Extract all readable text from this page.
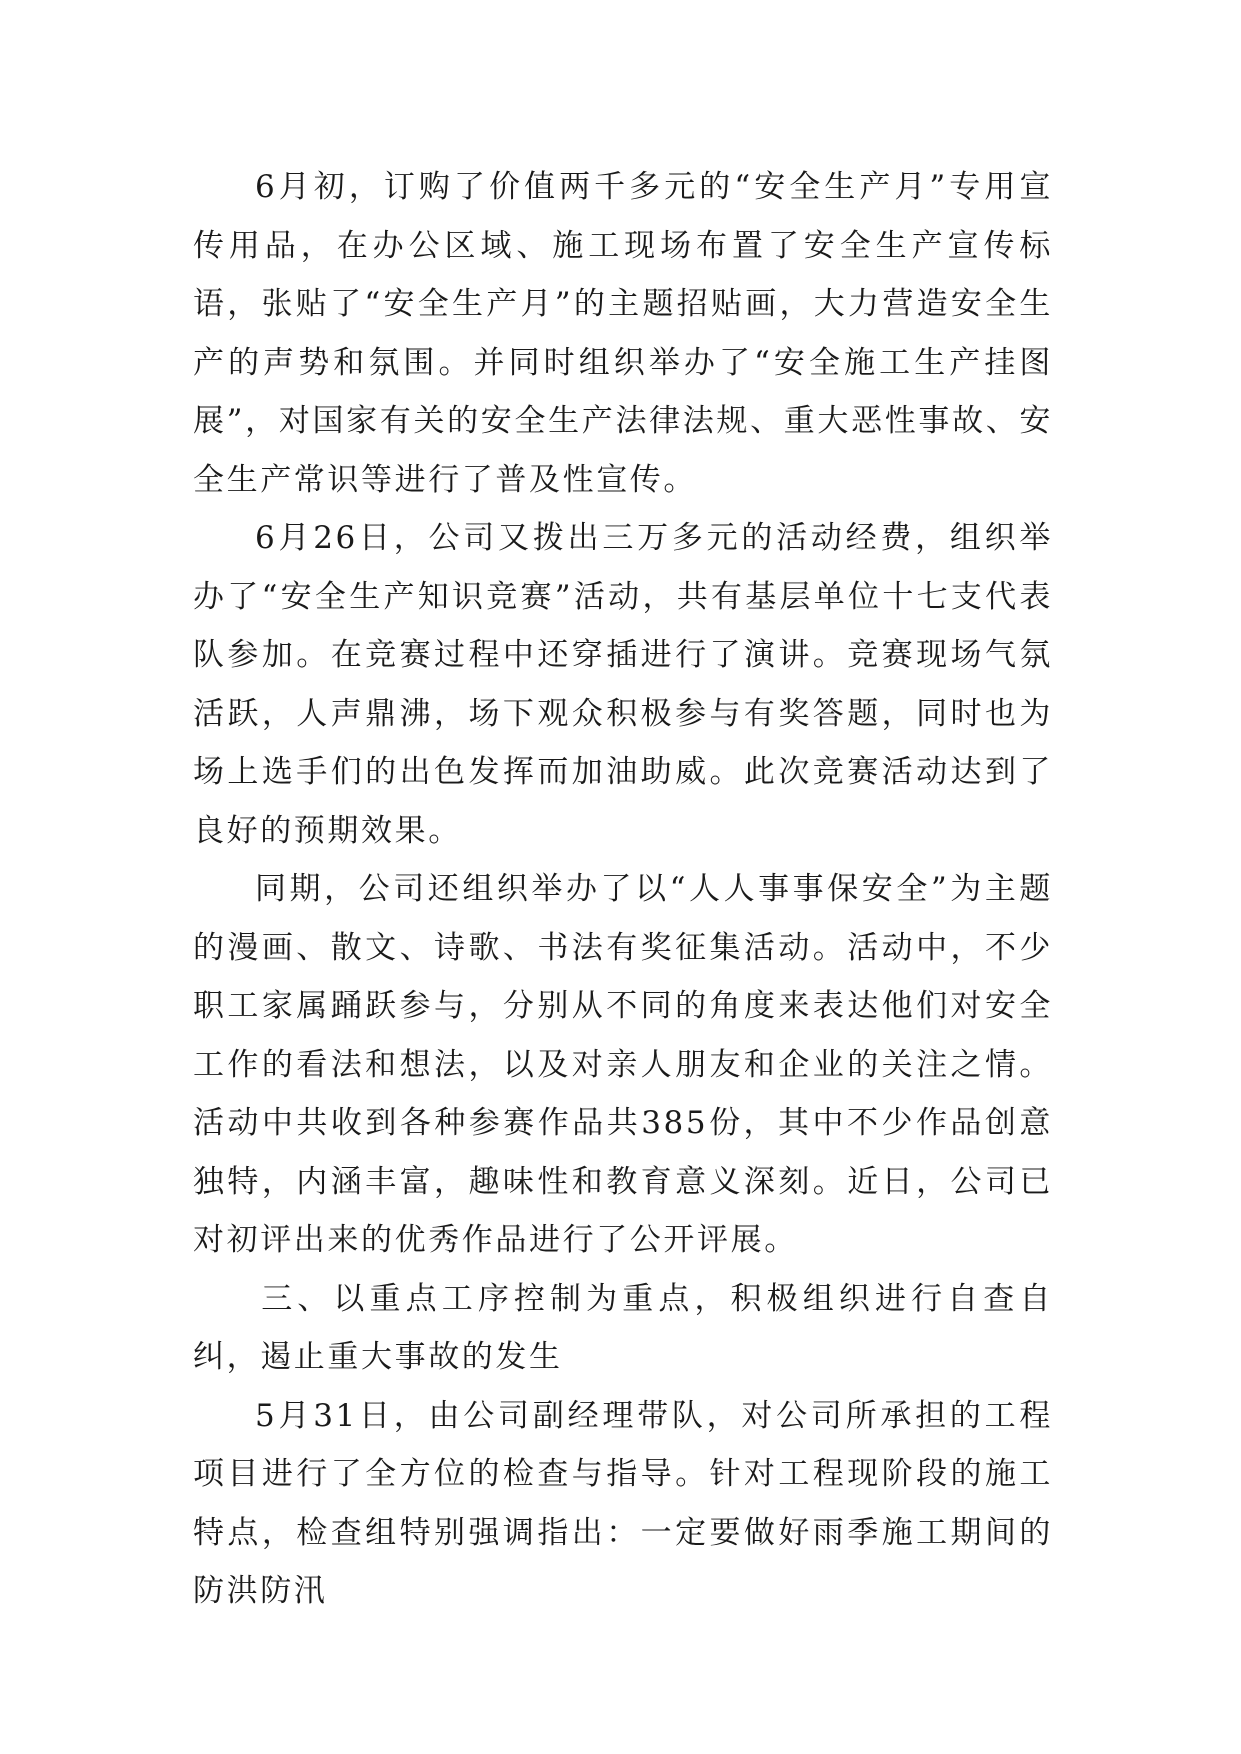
6月初，订购了价值两千多元的“安全生产月”专用宣传用品，在办公区域、施工现场布置了安全生产宣传标语，张贴了“安全生产月”的主题招贴画，大力营造安全生产的声势和氛围。并同时组织举办了“安全施工生产挂图展”，对国家有关的安全生产法律法规、重大恶性事故、安全生产常识等进行了普及性宣传。

6月26日，公司又拨出三万多元的活动经费，组织举办了“安全生产知识竞赛”活动，共有基层单位十七支代表队参加。在竞赛过程中还穿插进行了演讲。竞赛现场气氛活跃，人声鼎沸，场下观众积极参与有奖答题，同时也为场上选手们的出色发挥而加油助威。此次竞赛活动达到了良好的预期效果。

同期，公司还组织举办了以“人人事事保安全”为主题的漫画、散文、诗歌、书法有奖征集活动。活动中，不少职工家属踊跃参与，分别从不同的角度来表达他们对安全工作的看法和想法，以及对亲人朋友和企业的关注之情。活动中共收到各种参赛作品共385份，其中不少作品创意独特，内涵丰富，趣味性和教育意义深刻。近日，公司已对初评出来的优秀作品进行了公开评展。

三、以重点工序控制为重点，积极组织进行自查自纠，遏止重大事故的发生

5月31日，由公司副经理带队，对公司所承担的工程项目进行了全方位的检查与指导。针对工程现阶段的施工特点，检查组特别强调指出：一定要做好雨季施工期间的防洪防汛
